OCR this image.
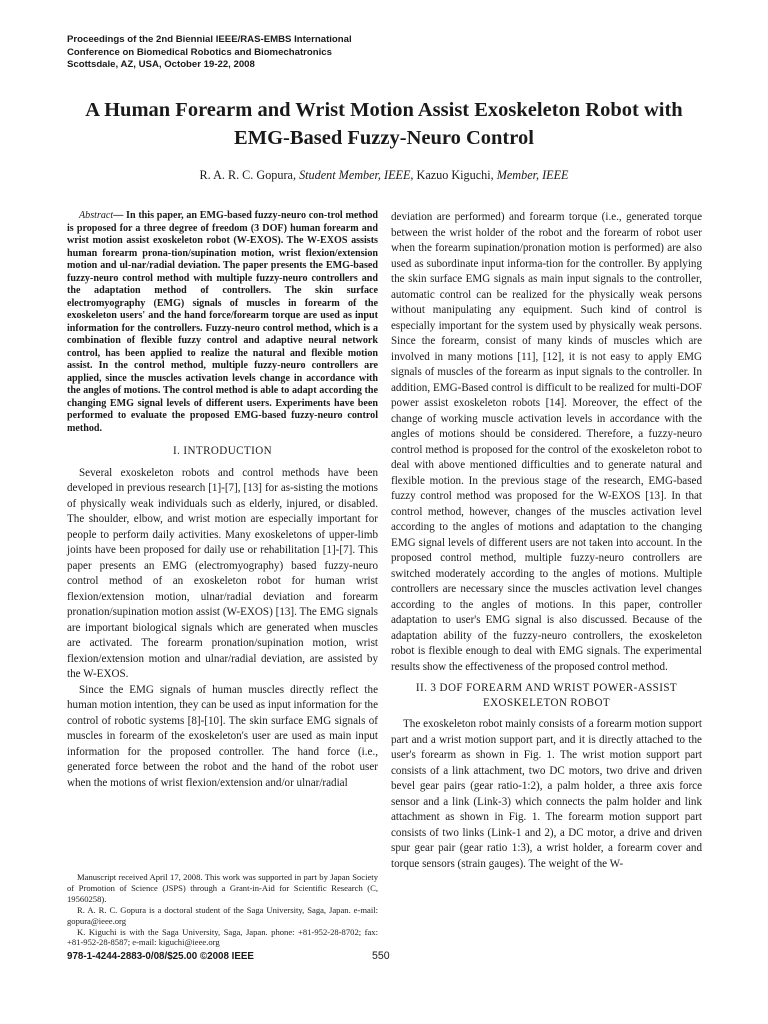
Proceedings of the 2nd Biennial IEEE/RAS-EMBS International
Conference on Biomedical Robotics and Biomechatronics
Scottsdale, AZ, USA, October 19-22, 2008
A Human Forearm and Wrist Motion Assist Exoskeleton Robot with
EMG-Based Fuzzy-Neuro Control
R. A. R. C. Gopura, Student Member, IEEE, Kazuo Kiguchi, Member, IEEE

Abstract— In this paper, an EMG-based fuzzy-neuro con-trol method is proposed for a three degree of freedom (3 DOF) human forearm and wrist motion assist exoskeleton robot (W-EXOS). The W-EXOS assists human forearm prona-tion/supination motion, wrist flexion/extension motion and ul-nar/radial deviation. The paper presents the EMG-based fuzzy-neuro control method with multiple fuzzy-neuro controllers and the adaptation method of controllers. The skin surface electromyography (EMG) signals of muscles in forearm of the exoskeleton users' and the hand force/forearm torque are used as input information for the controllers. Fuzzy-neuro control method, which is a combination of flexible fuzzy control and adaptive neural network control, has been applied to realize the natural and flexible motion assist. In the control method, multiple fuzzy-neuro controllers are applied, since the muscles activation levels change in accordance with the angles of motions. The control method is able to adapt according the changing EMG signal levels of different users. Experiments have been performed to evaluate the proposed EMG-based fuzzy-neuro control method.

I. INTRODUCTION

Several exoskeleton robots and control methods have been developed in previous research [1]-[7], [13] for as-sisting the motions of physically weak individuals such as elderly, injured, or disabled. The shoulder, elbow, and wrist motion are especially important for people to perform daily activities. Many exoskeletons of upper-limb joints have been proposed for daily use or rehabilitation [1]-[7]. This paper presents an EMG (electromyography) based fuzzy-neuro control method of an exoskeleton robot for human wrist flexion/extension motion, ulnar/radial deviation and forearm pronation/supination motion assist (W-EXOS) [13]. The EMG signals are important biological signals which are generated when muscles are activated. The forearm pronation/supination motion, wrist flexion/extension motion and ulnar/radial deviation, are assisted by the W-EXOS.

Since the EMG signals of human muscles directly reflect the human motion intention, they can be used as input information for the control of robotic systems [8]-[10]. The skin surface EMG signals of muscles in forearm of the exoskeleton's user are used as main input information for the proposed controller. The hand force (i.e., generated force between the robot and the hand of the robot user when the motions of wrist flexion/extension and/or ulnar/radial

Manuscript received April 17, 2008. This work was supported in part by Japan Society of Promotion of Science (JSPS) through a Grant-in-Aid for Scientific Research (C, 19560258).

R. A. R. C. Gopura is a doctoral student of the Saga University, Saga, Japan. e-mail: gopura@ieee.org

K. Kiguchi is with the Saga University, Saga, Japan. phone: +81-952-28-8702; fax: +81-952-28-8587; e-mail: kiguchi@ieee.org

deviation are performed) and forearm torque (i.e., generated torque between the wrist holder of the robot and the forearm of robot user when the forearm supination/pronation motion is performed) are also used as subordinate input informa-tion for the controller. By applying the skin surface EMG signals as main input signals to the controller, automatic control can be realized for the physically weak persons without manipulating any equipment. Such kind of control is especially important for the system used by physically weak persons. Since the forearm, consist of many kinds of muscles which are involved in many motions [11], [12], it is not easy to apply EMG signals of muscles of the forearm as input signals to the controller. In addition, EMG-Based control is difficult to be realized for multi-DOF power assist exoskeleton robots [14]. Moreover, the effect of the change of working muscle activation levels in accordance with the angles of motions should be considered. Therefore, a fuzzy-neuro control method is proposed for the control of the exoskeleton robot to deal with above mentioned difficulties and to generate natural and flexible motion. In the previous stage of the research, EMG-based fuzzy control method was proposed for the W-EXOS [13]. In that control method, however, changes of the muscles activation level according to the angles of motions and adaptation to the changing EMG signal levels of different users are not taken into account. In the proposed control method, multiple fuzzy-neuro controllers are switched moderately according to the angles of motions. Multiple controllers are necessary since the muscles activation level changes according to the angles of motions. In this paper, controller adaptation to user's EMG signal is also discussed. Because of the adaptation ability of the fuzzy-neuro controllers, the exoskeleton robot is flexible enough to deal with EMG signals. The experimental results show the effectiveness of the proposed control method.

II. 3 DOF FOREARM AND WRIST POWER-ASSIST
EXOSKELETON ROBOT

The exoskeleton robot mainly consists of a forearm motion support part and a wrist motion support part, and it is directly attached to the user's forearm as shown in Fig. 1. The wrist motion support part consists of a link attachment, two DC motors, two drive and driven bevel gear pairs (gear ratio-1:2), a palm holder, a three axis force sensor and a link (Link-3) which connects the palm holder and link attachment as shown in Fig. 1. The forearm motion support part consists of two links (Link-1 and 2), a DC motor, a drive and driven spur gear pair (gear ratio 1:3), a wrist holder, a forearm cover and torque sensors (strain gauges). The weight of the W-

978-1-4244-2883-0/08/$25.00 ©2008 IEEE	550
